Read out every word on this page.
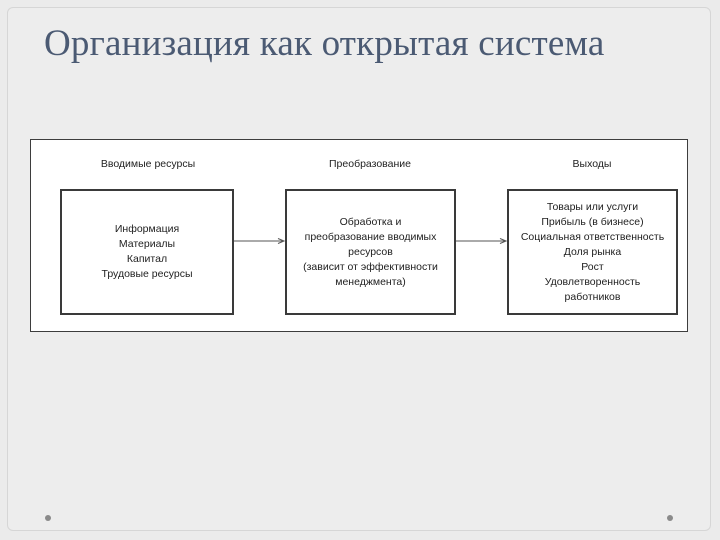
Организация как открытая система
Вводимые ресурсы	Преобразование	Выходы
Информация
Материалы
Капитал
Трудовые ресурсы
Обработка и
преобразование вводимых
ресурсов
(зависит от эффективности
менеджмента)
Товары или услуги
Прибыль (в бизнесе)
Социальная ответственность
Доля рынка
Рост
Удовлетворенность
работников
